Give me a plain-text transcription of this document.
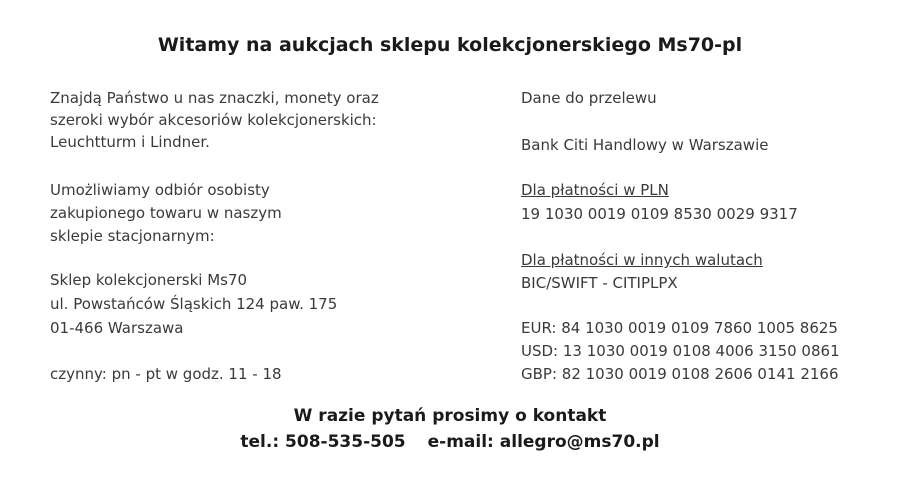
Witamy na aukcjach sklepu kolekcjonerskiego Ms70-pl
Znajdą Państwo u nas znaczki, monety oraz
szeroki wybór akcesoriów kolekcjonerskich:
Leuchtturm i Lindner.
Umożliwiamy odbiór osobisty
zakupionego towaru w naszym
sklepie stacjonarnym:
Sklep kolekcjonerski Ms70
ul. Powstańców Śląskich 124 paw. 175
01-466 Warszawa
czynny: pn - pt w godz. 11 - 18
Dane do przelewu
Bank Citi Handlowy w Warszawie
Dla płatności w PLN
19 1030 0019 0109 8530 0029 9317
Dla płatności w innych walutach
BIC/SWIFT - CITIPLPX
EUR: 84 1030 0019 0109 7860 1005 8625
USD: 13 1030 0019 0108 4006 3150 0861
GBP: 82 1030 0019 0108 2606 0141 2166
W razie pytań prosimy o kontakt
tel.: 508-535-505 e-mail: allegro@ms70.pl
